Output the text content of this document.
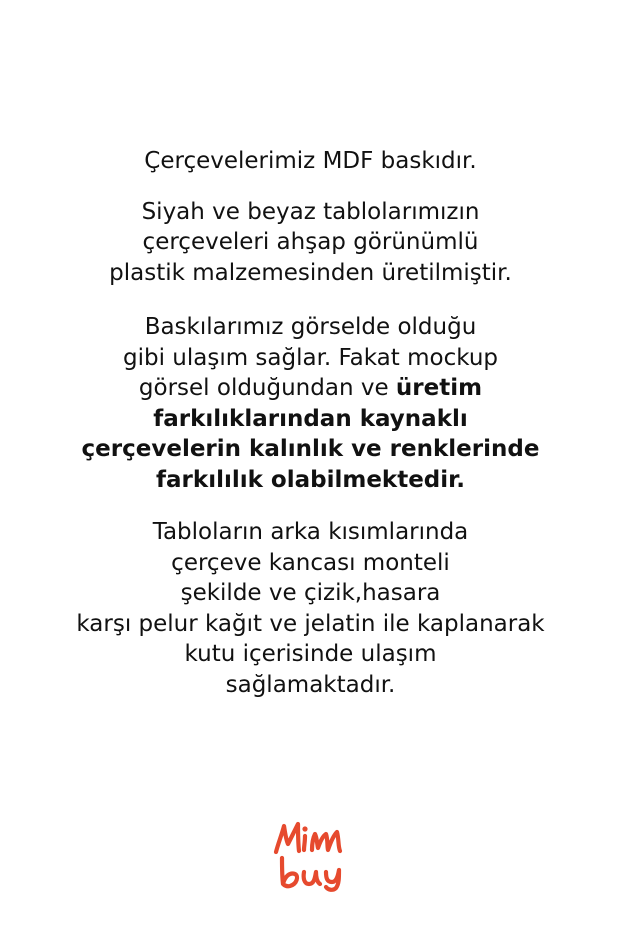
Çerçevelerimiz MDF baskıdır.

Siyah ve beyaz tablolarımızın
çerçeveleri ahşap görünümlü
plastik malzemesinden üretilmiştir.

Baskılarımız görselde olduğu
gibi ulaşım sağlar. Fakat mockup
görsel olduğundan ve üretim
farkılıklarından kaynaklı
çerçevelerin kalınlık ve renklerinde
farkılılık olabilmektedir.

Tabloların arka kısımlarında
çerçeve kancası monteli
şekilde ve çizik,hasara
karşı pelur kağıt ve jelatin ile kaplanarak
kutu içerisinde ulaşım
sağlamaktadır.
